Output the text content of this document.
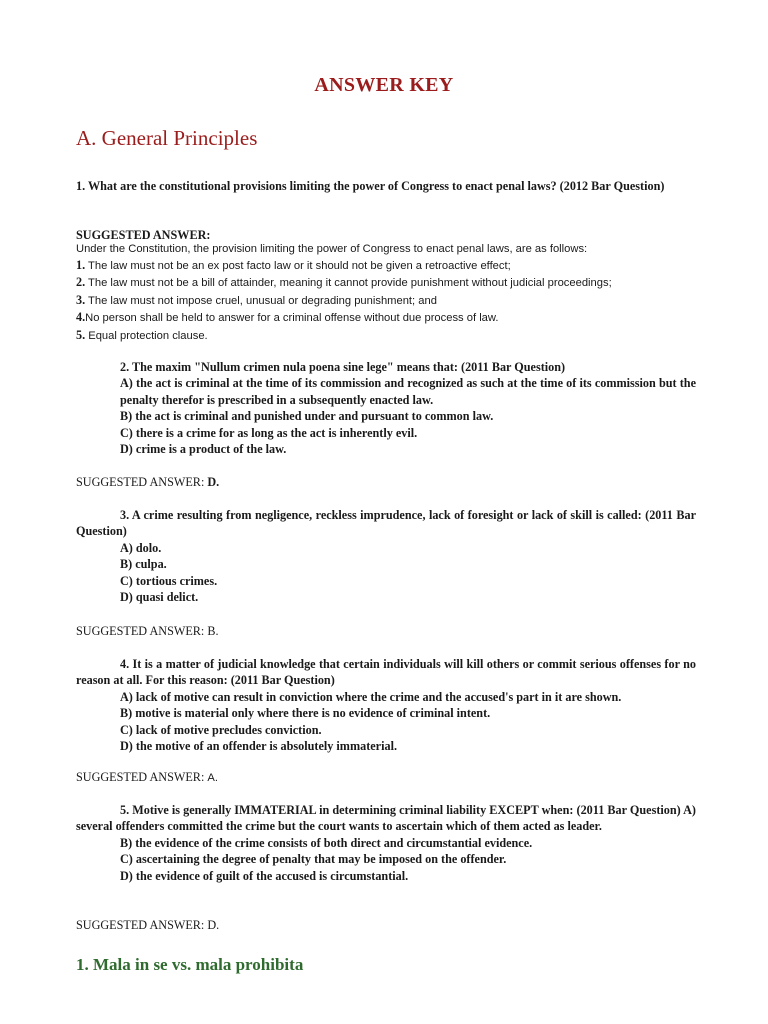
ANSWER KEY
A. General Principles
1. What are the constitutional provisions limiting the power of Congress to enact penal laws? (2012 Bar Question)
SUGGESTED ANSWER:
Under the Constitution, the provision limiting the power of Congress to enact penal laws, are as follows:
1. The law must not be an ex post facto law or it should not be given a retroactive effect;
2. The law must not be a bill of attainder, meaning it cannot provide punishment without judicial proceedings;
3. The law must not impose cruel, unusual or degrading punishment; and
4.No person shall be held to answer for a criminal offense without due process of law.
5. Equal protection clause.
2. The maxim "Nullum crimen nula poena sine lege" means that: (2011 Bar Question)
A) the act is criminal at the time of its commission and recognized as such at the time of its commission but the penalty therefor is prescribed in a subsequently enacted law.
B) the act is criminal and punished under and pursuant to common law.
C) there is a crime for as long as the act is inherently evil.
D) crime is a product of the law.
SUGGESTED ANSWER: D.
3. A crime resulting from negligence, reckless imprudence, lack of foresight or lack of skill is called: (2011 Bar Question)
A) dolo.
B) culpa.
C) tortious crimes.
D) quasi delict.
SUGGESTED ANSWER: B.
4. It is a matter of judicial knowledge that certain individuals will kill others or commit serious offenses for no reason at all. For this reason: (2011 Bar Question)
A) lack of motive can result in conviction where the crime and the accused's part in it are shown.
B) motive is material only where there is no evidence of criminal intent.
C) lack of motive precludes conviction.
D) the motive of an offender is absolutely immaterial.
SUGGESTED ANSWER: A.
5. Motive is generally IMMATERIAL in determining criminal liability EXCEPT when: (2011 Bar Question) A) several offenders committed the crime but the court wants to ascertain which of them acted as leader.
B) the evidence of the crime consists of both direct and circumstantial evidence.
C) ascertaining the degree of penalty that may be imposed on the offender.
D) the evidence of guilt of the accused is circumstantial.
SUGGESTED ANSWER: D.
1. Mala in se vs. mala prohibita
